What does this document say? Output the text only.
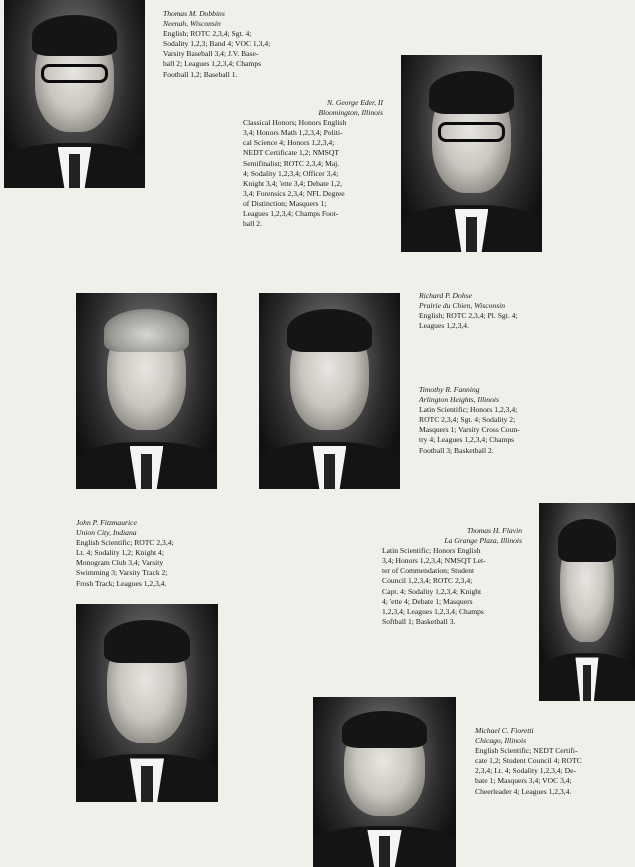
Thomas M. Dobbins
Neenah, Wisconsin
English; ROTC 2,3,4; Sgt. 4;
Sodality 1,2,3; Band 4; VOC 1,3,4;
Varsity Baseball 3,4; J.V. Base-
ball 2; Leagues 1,2,3,4; Champs
Football 1,2; Baseball 1.
N. George Eder, II
Bloomington, Illinois
Classical Honors; Honors English
3,4; Honors Math 1,2,3,4; Politi-
cal Science 4; Honors 1,2,3,4;
NEDT Certificate 1,2; NMSQT
Semifinalist; ROTC 2,3,4; Maj.
4; Sodality 1,2,3,4; Officer 3,4;
Knight 3,4; 'ette 3,4; Debate 1,2,
3,4; Forensics 2,3,4; NFL Degree
of Distinction; Masquers 1;
Leagues 1,2,3,4; Champs Foot-
ball 2.
Richard P. Dohse
Prairie du Chien, Wisconsin
English; ROTC 2,3,4; Pl. Sgt. 4;
Leagues 1,2,3,4.
Timothy R. Fanning
Arlington Heights, Illinois
Latin Scientific; Honors 1,2,3,4;
ROTC 2,3,4; Sgt. 4; Sodality 2;
Masquers 1; Varsity Cross Coun-
try 4; Leagues 1,2,3,4; Champs
Football 3; Basketball 2.
John P. Fitzmaurice
Union City, Indiana
English Scientific; ROTC 2,3,4;
Lt. 4; Sodality 1,2; Knight 4;
Monogram Club 3,4; Varsity
Swimming 3; Varsity Track 2;
Frosh Track; Leagues 1,2,3,4.
Thomas H. Flavin
La Grange Plaza, Illinois
Latin Scientific; Honors English
3,4; Honors 1,2,3,4; NMSQT Let-
ter of Commendation; Student
Council 1,2,3,4; ROTC 2,3,4;
Capt. 4; Sodality 1,2,3,4; Knight
4; 'ette 4; Debate 1; Masquers
1,2,3,4; Leagues 1,2,3,4; Champs
Softball 1; Basketball 3.
Michael C. Fioretti
Chicago, Illinois
English Scientific; NEDT Certifi-
cate 1,2; Student Council 4; ROTC
2,3,4; Lt. 4; Sodality 1,2,3,4; De-
bate 1; Masquers 3,4; VOC 3,4;
Cheerleader 4; Leagues 1,2,3,4.
